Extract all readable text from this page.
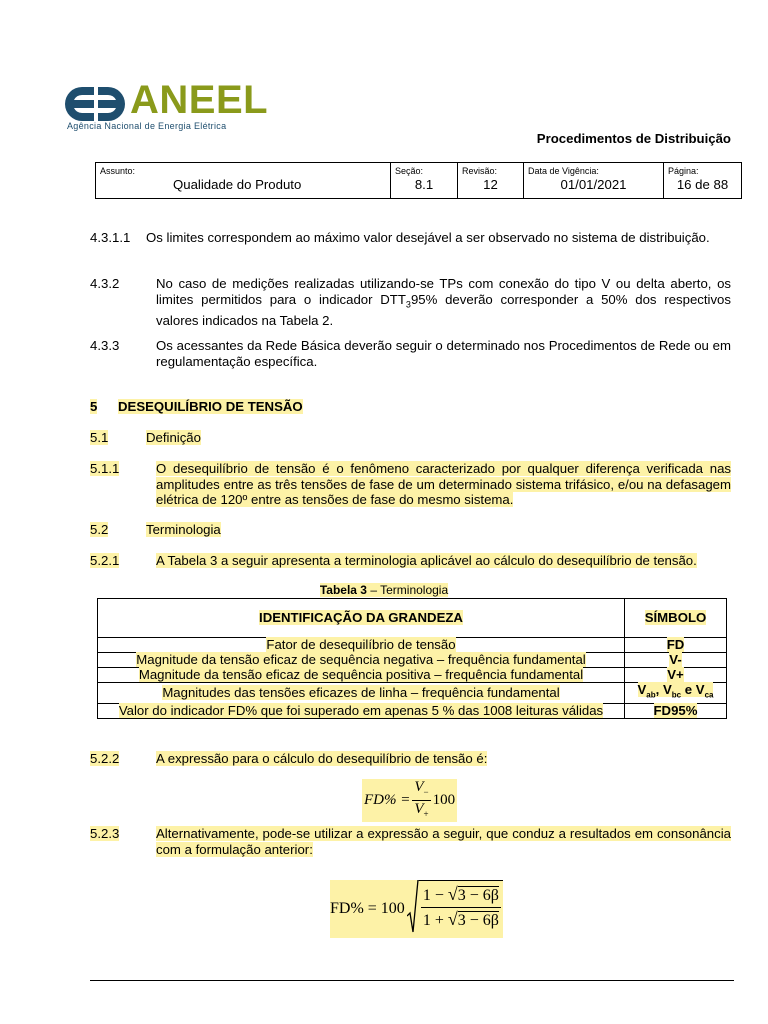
ANEEL
Agência Nacional de Energia Elétrica
Procedimentos de Distribuição
Assunto:
Qualidade do Produto

Seção:
8.1

Revisão:
12

Data de Vigência:
01/01/2021

Página:
16 de 88
4.3.1.1 Os limites correspondem ao máximo valor desejável a ser observado no sistema de distribuição.
4.3.2	No caso de medições realizadas utilizando-se TPs com conexão do tipo V ou delta aberto, os limites permitidos para o indicador $DTT_395\%$ deverão corresponder a 50% dos respectivos valores indicados na Tabela 2.
4.3.3	Os acessantes da Rede Básica deverão seguir o determinado nos Procedimentos de Rede ou em regulamentação específica.
5 DESEQUILÍBRIO DE TENSÃO
5.1	Definição
5.1.1	O desequilíbrio de tensão é o fenômeno caracterizado por qualquer diferença verificada nas amplitudes entre as três tensões de fase de um determinado sistema trifásico, e/ou na defasagem elétrica de 120º entre as tensões de fase do mesmo sistema.
5.2	Terminologia
5.2.1	A Tabela 3 a seguir apresenta a terminologia aplicável ao cálculo do desequilíbrio de tensão.
Tabela 3 – Terminologia
IDENTIFICAÇÃO DA GRANDEZA	SÍMBOLO
Fator de desequilíbrio de tensão	FD
Magnitude da tensão eficaz de sequência negativa – frequência fundamental	V-
Magnitude da tensão eficaz de sequência positiva – frequência fundamental	V+
Magnitudes das tensões eficazes de linha – frequência fundamental	$V_{ab}$, $V_{bc}$ e $V_{ca}$
Valor do indicador FD% que foi superado em apenas 5 % das 1008 leituras válidas	FD95%
5.2.2	A expressão para o cálculo do desequilíbrio de tensão é:
$FD\% = \frac{V_-}{V_+} 100$
5.2.3	Alternativamente, pode-se utilizar a expressão a seguir, que conduz a resultados em consonância com a formulação anterior:
FD% = 100
1 − √3 − 6β
1 + √3 − 6β
